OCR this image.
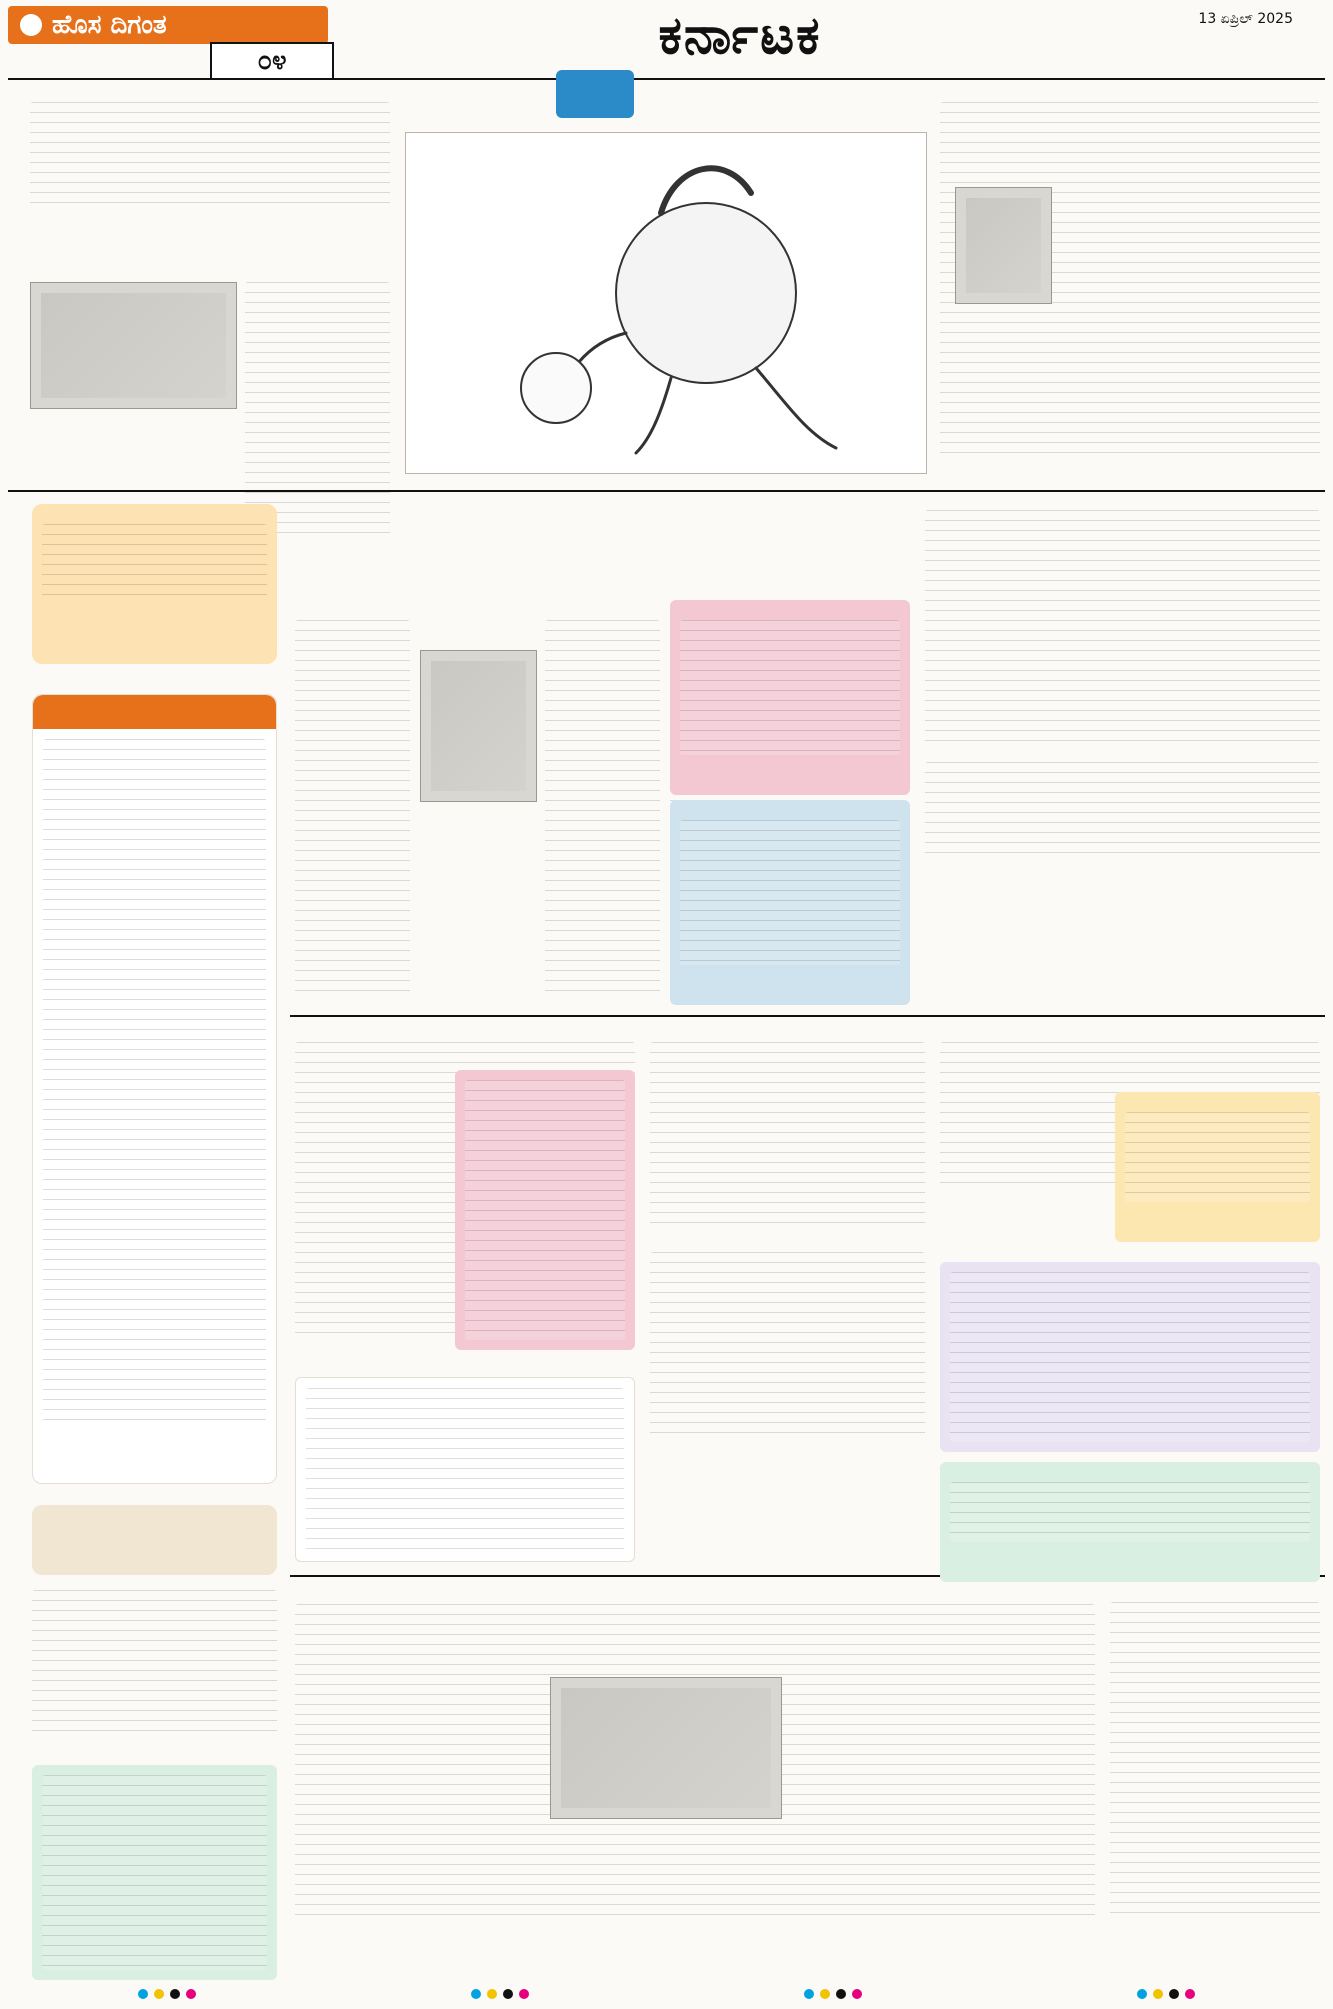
ಹೊಸ ದಿಗಂತ
೦೪	ಕರ್ನಾಟಕ	13 ಏಪ್ರಿಲ್ 2025
